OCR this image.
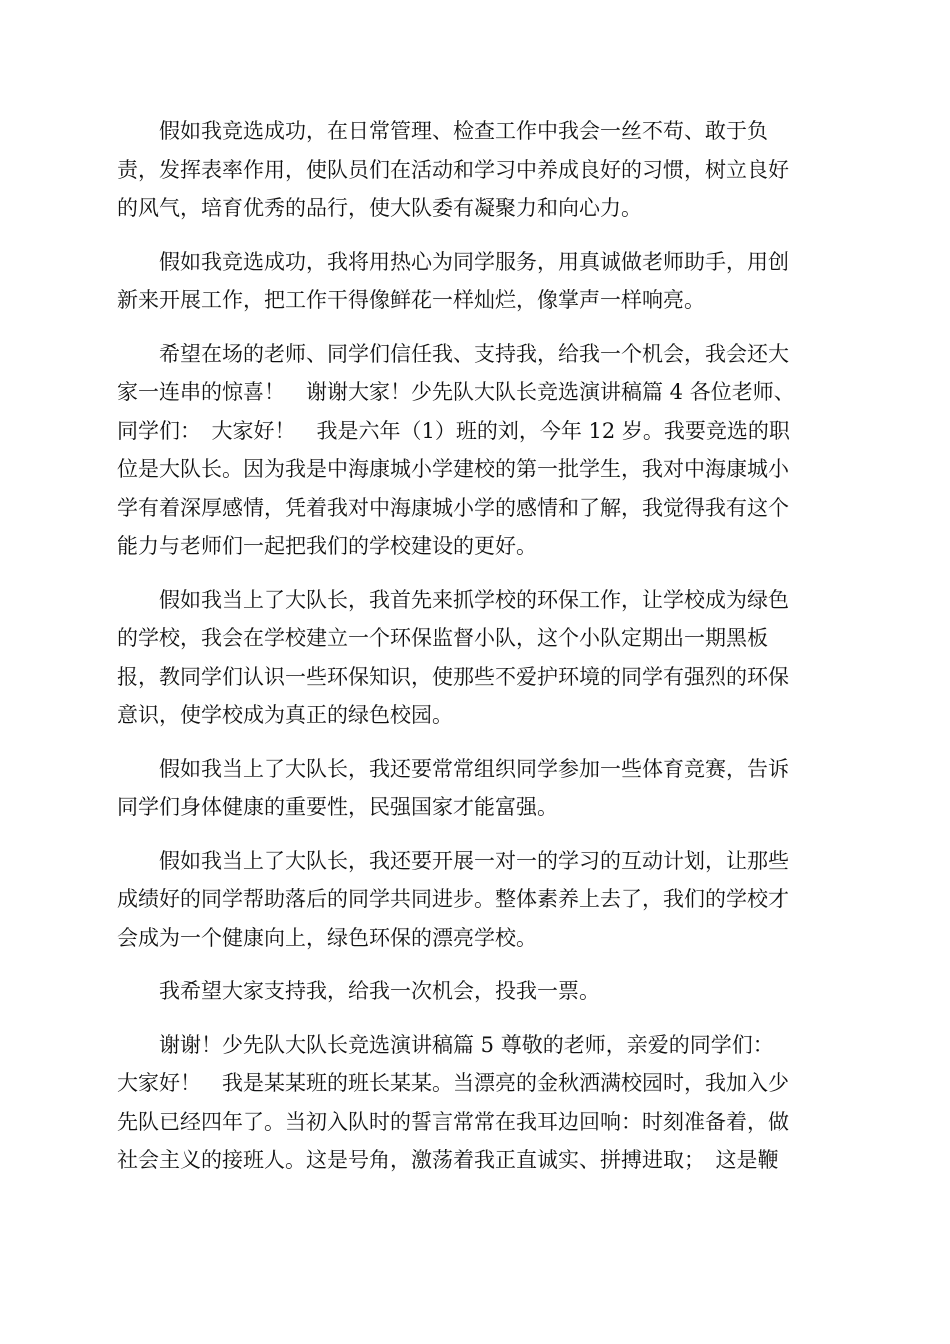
　　假如我竞选成功，在日常管理、检查工作中我会一丝不苟、敢于负
责，发挥表率作用，使队员们在活动和学习中养成良好的习惯，树立良好
的风气，培育优秀的品行，使大队委有凝聚力和向心力。

　　假如我竞选成功，我将用热心为同学服务，用真诚做老师助手，用创
新来开展工作，把工作干得像鲜花一样灿烂，像掌声一样响亮。

　　希望在场的老师、同学们信任我、支持我，给我一个机会，我会还大
家一连串的惊喜！　谢谢大家！少先队大队长竞选演讲稿篇 4 各位老师、
同学们：　大家好！　我是六年（1）班的刘，今年 12 岁。我要竞选的职
位是大队长。因为我是中海康城小学建校的第一批学生，我对中海康城小
学有着深厚感情，凭着我对中海康城小学的感情和了解，我觉得我有这个
能力与老师们一起把我们的学校建设的更好。

　　假如我当上了大队长，我首先来抓学校的环保工作，让学校成为绿色
的学校，我会在学校建立一个环保监督小队，这个小队定期出一期黑板
报，教同学们认识一些环保知识，使那些不爱护环境的同学有强烈的环保
意识，使学校成为真正的绿色校园。

　　假如我当上了大队长，我还要常常组织同学参加一些体育竞赛，告诉
同学们身体健康的重要性，民强国家才能富强。

　　假如我当上了大队长，我还要开展一对一的学习的互动计划，让那些
成绩好的同学帮助落后的同学共同进步。整体素养上去了，我们的学校才
会成为一个健康向上，绿色环保的漂亮学校。

　　我希望大家支持我，给我一次机会，投我一票。

　　谢谢！少先队大队长竞选演讲稿篇 5 尊敬的老师，亲爱的同学们：
大家好！　我是某某班的班长某某。当漂亮的金秋洒满校园时，我加入少
先队已经四年了。当初入队时的誓言常常在我耳边回响：时刻准备着，做
社会主义的接班人。这是号角，激荡着我正直诚实、拼搏进取；　这是鞭
